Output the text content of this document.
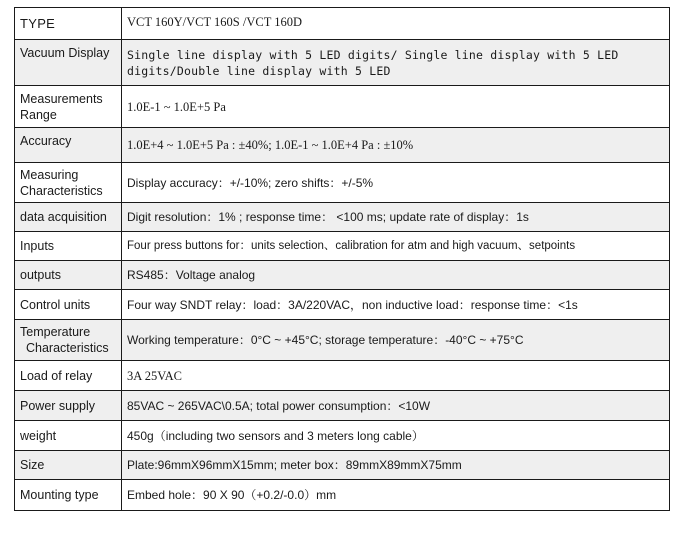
TYPE	VCT 160Y/VCT 160S /VCT 160D
Vacuum Display	Single line display with 5 LED digits/ Single line display with 5 LED
digits/Double line display with 5 LED

Measurements
Range	1.0E-1 ~ 1.0E+5 Pa
Accuracy	1.0E+4 ~ 1.0E+5 Pa : ±40%; 1.0E-1 ~ 1.0E+4 Pa : ±10%

Measuring
Characteristics	Display accuracy：+/-10%; zero shifts：+/-5%
data acquisition	Digit resolution：1% ; response time： <100 ms; update rate of display：1s
Inputs	Four press buttons for：units selection、calibration for atm and high vacuum、setpoints
outputs	RS485：Voltage analog
Control units	Four way SNDT relay：load：3A/220VAC，non inductive load：response time：<1s

Temperature
Characteristics	Working temperature：0°C ~ +45°C; storage temperature：-40°C ~ +75°C
Load of relay	3A 25VAC
Power supply	85VAC ~ 265VAC\0.5A; total power consumption：<10W
weight	450g（including two sensors and 3 meters long cable）
Size	Plate:96mmX96mmX15mm; meter box：89mmX89mmX75mm
Mounting type	Embed hole：90 X 90（+0.2/-0.0）mm
